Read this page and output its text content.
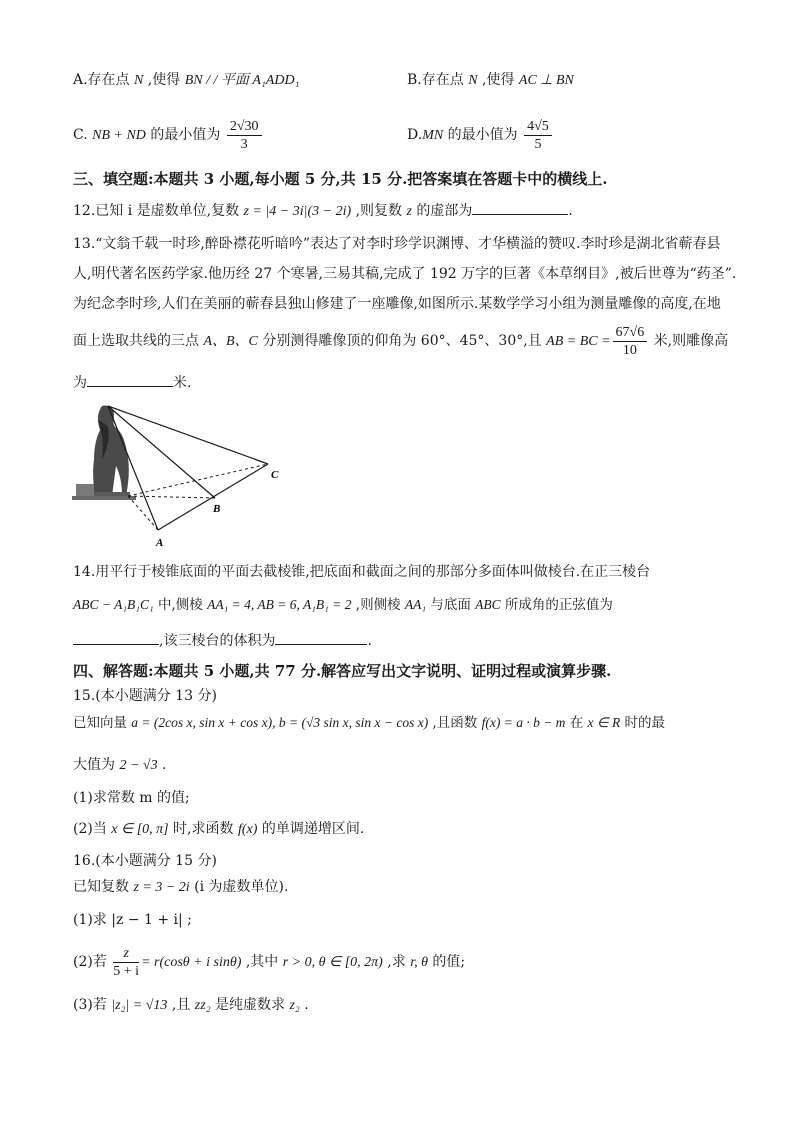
A.存在点 N ,使得 BN / / 平面 A₁ADD₁	B.存在点 N ,使得 AC ⊥ BN
C. NB + ND 的最小值为 $\frac{2√30}{3}$	D.MN 的最小值为 $\frac{4√5}{5}$
三、填空题:本题共 3 小题,每小题 5 分,共 15 分.把答案填在答题卡中的横线上.
12.已知 i 是虚数单位,复数 z = |4 − 3i|(3 − 2i) ,则复数 z 的虚部为	.
13.“文翁千载一时珍,醉卧襟花听暗吟”表达了对李时珍学识渊博、才华横溢的赞叹.李时珍是湖北省蕲春县
人,明代著名医药学家.他历经 27 个寒暑,三易其稿,完成了 192 万字的巨著《本草纲目》,被后世尊为“药圣”.
为纪念李时珍,人们在美丽的蕲春县独山修建了一座雕像,如图所示.某数学学习小组为测量雕像的高度,在地
面上选取共线的三点 A、B、C 分别测得雕像顶的仰角为 60°、45°、30°,且 AB = BC = $\frac{67√6}{10}$ 米,则雕像高
为	米.
A
B
C
14.用平行于棱锥底面的平面去截棱锥,把底面和截面之间的那部分多面体叫做棱台.在正三棱台
ABC − A₁B₁C₁ 中,侧棱 AA₁ = 4, AB = 6, A₁B₁ = 2 ,则侧棱 AA₁ 与底面 ABC 所成角的正弦值为
,该三棱台的体积为	.
四、解答题:本题共 5 小题,共 77 分.解答应写出文字说明、证明过程或演算步骤.
15.(本小题满分 13 分)
已知向量 a = (2cos x, sin x + cos x), b = (√3 sin x, sin x − cos x) ,且函数 f(x) = a · b − m 在 x ∈ R 时的最
大值为 2 − √3 .
(1)求常数 m 的值;
(2)当 x ∈ [0, π] 时,求函数 f(x) 的单调递增区间.
16.(本小题满分 15 分)
已知复数 z = 3 − 2i (i 为虚数单位).
(1)求 |z − 1 + i| ;
(2)若 $\frac{z}{5 + i} = r(\cos\theta + i$ sinθ) ,其中 r > 0, θ ∈ [0, 2π) ,求 r, θ 的值;
(3)若 |z₂| = √13 ,且 zz₂ 是纯虚数求 z₂ .
